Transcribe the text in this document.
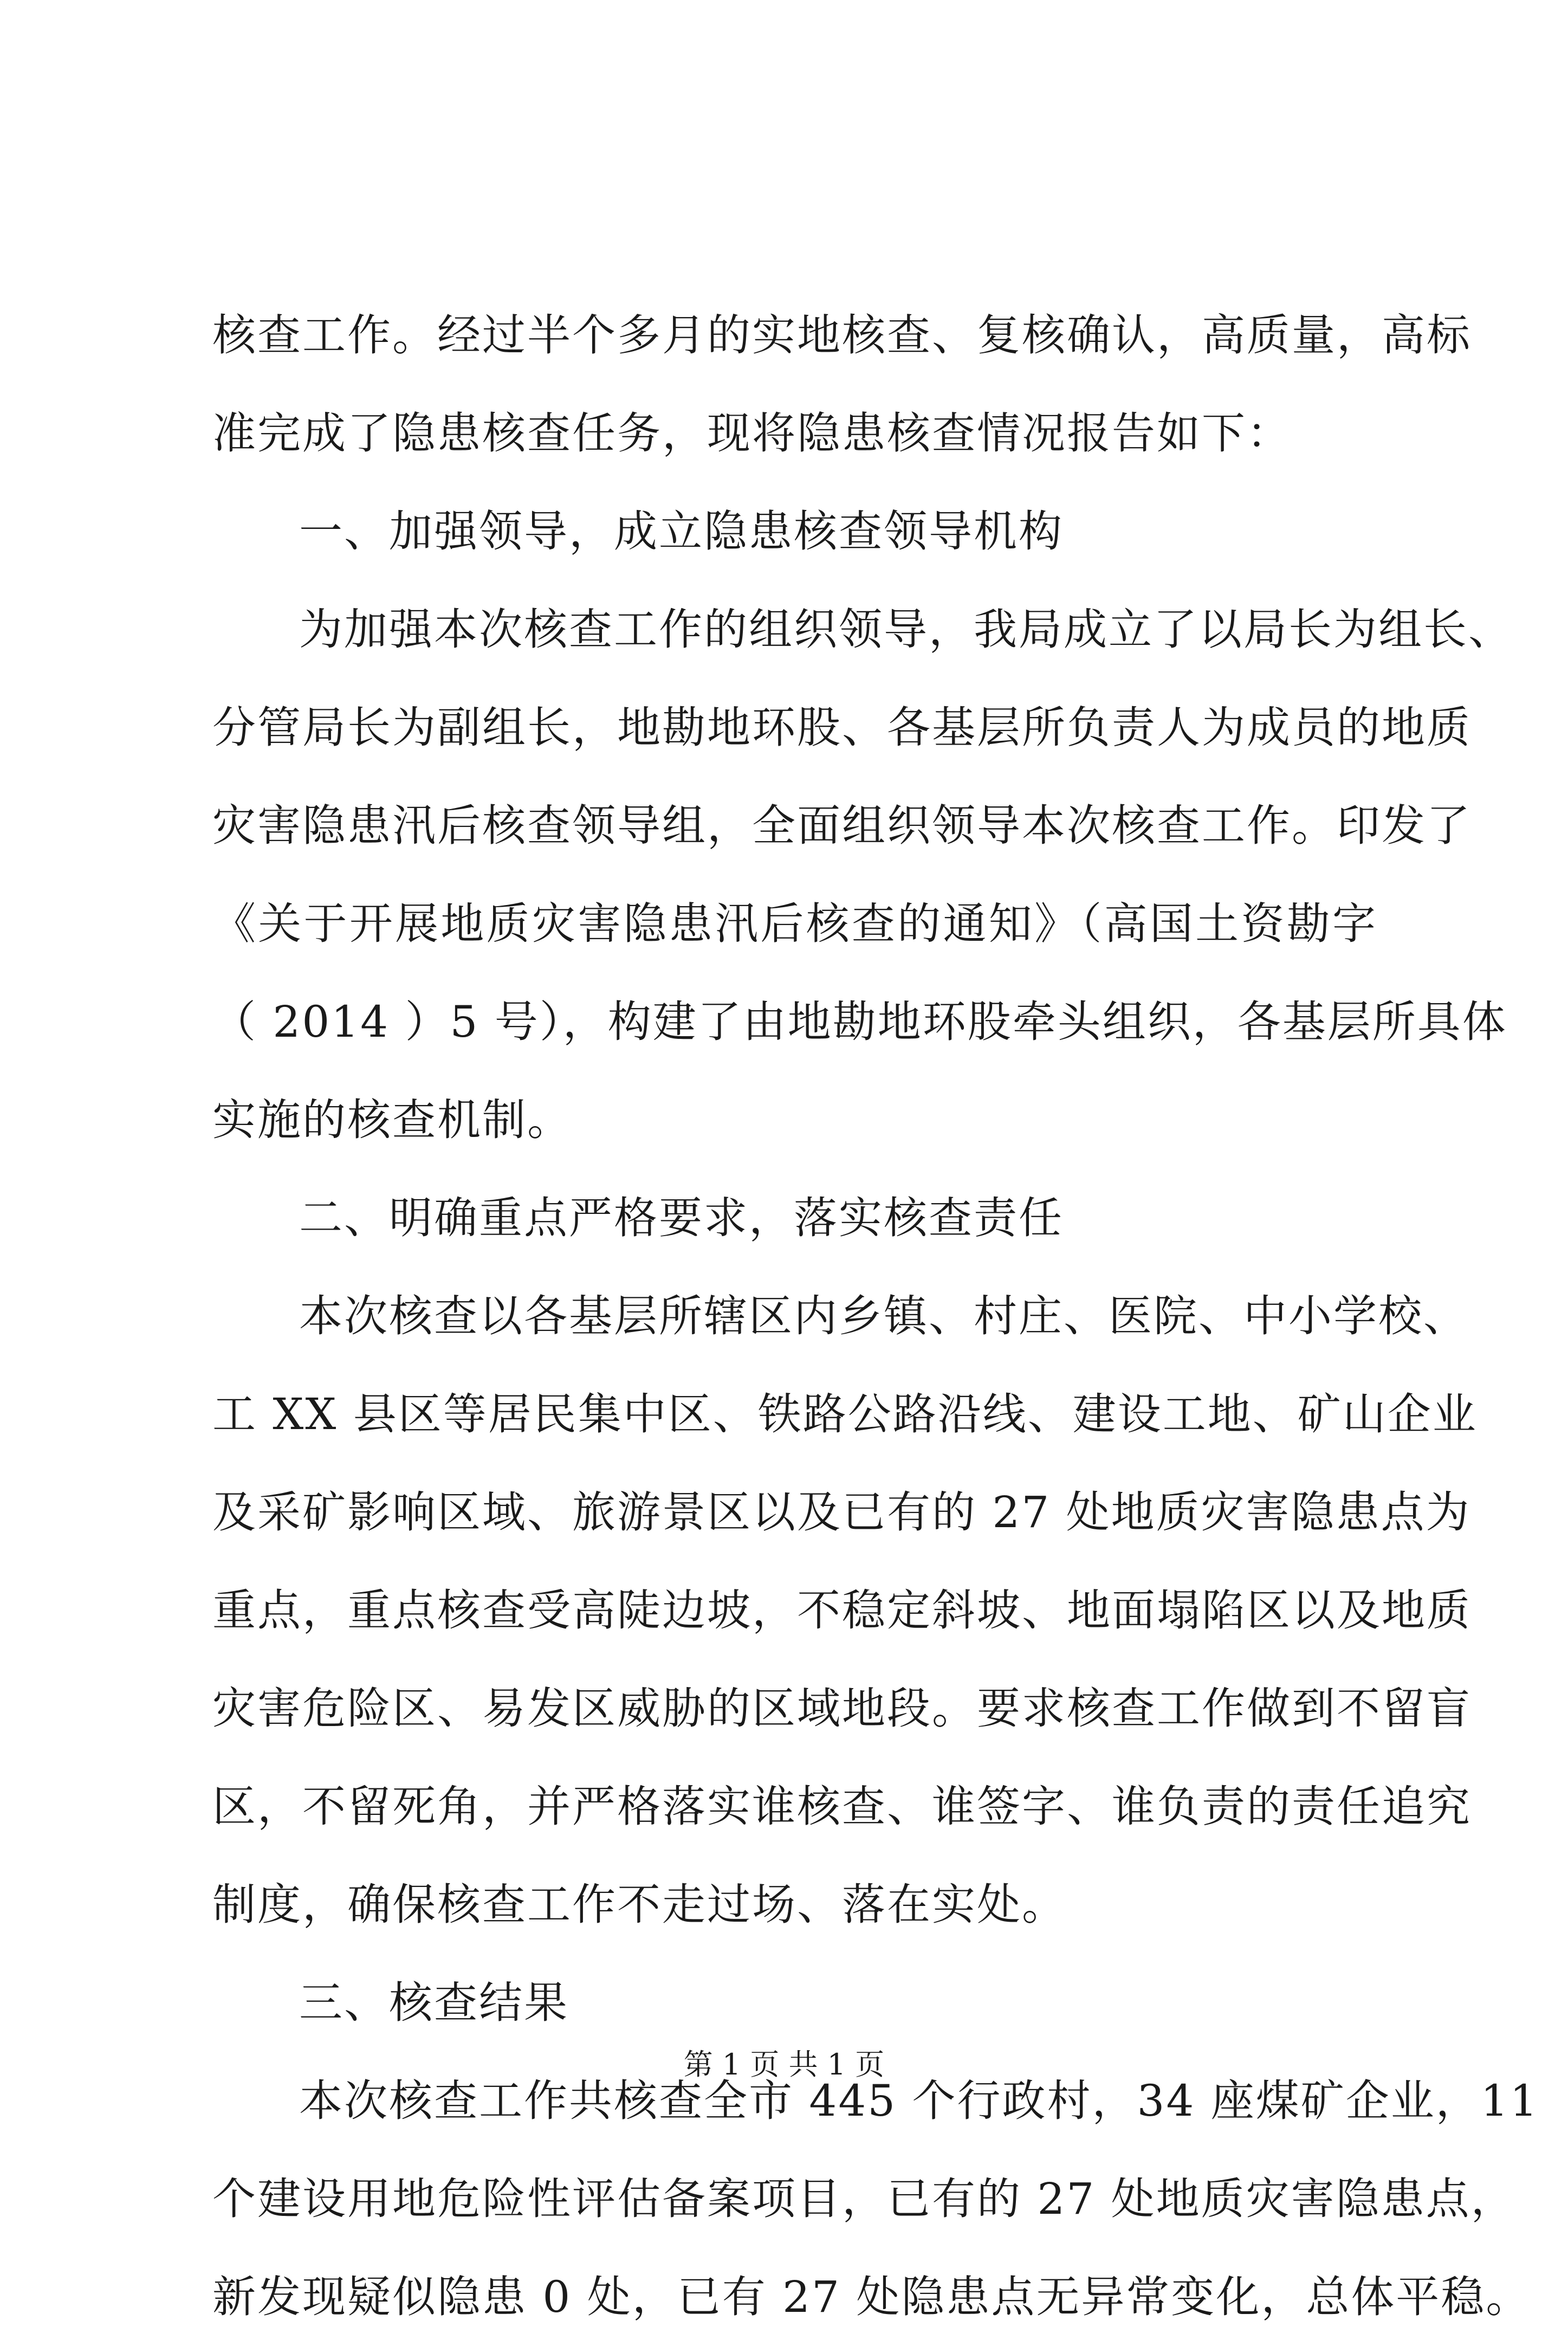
核查工作。经过半个多月的实地核查、复核确认，高质量，高标
准完成了隐患核查任务，现将隐患核查情况报告如下：
一、加强领导，成立隐患核查领导机构
为加强本次核查工作的组织领导，我局成立了以局长为组长、
分管局长为副组长，地勘地环股、各基层所负责人为成员的地质
灾害隐患汛后核查领导组，全面组织领导本次核查工作。印发了
《关于开展地质灾害隐患汛后核查的通知》（高国土资勘字
（ 2014 ）5 号），构建了由地勘地环股牵头组织，各基层所具体
实施的核查机制。
二、明确重点严格要求，落实核查责任
本次核查以各基层所辖区内乡镇、村庄、医院、中小学校、
工 XX 县区等居民集中区、铁路公路沿线、建设工地、矿山企业
及采矿影响区域、旅游景区以及已有的 27 处地质灾害隐患点为
重点，重点核查受高陡边坡，不稳定斜坡、地面塌陷区以及地质
灾害危险区、易发区威胁的区域地段。要求核查工作做到不留盲
区，不留死角，并严格落实谁核查、谁签字、谁负责的责任追究
制度，确保核查工作不走过场、落在实处。
三、核查结果
本次核查工作共核查全市 445 个行政村，34 座煤矿企业，11
个建设用地危险性评估备案项目，已有的 27 处地质灾害隐患点，
新发现疑似隐患 0 处，已有 27 处隐患点无异常变化，总体平稳。
第 1 页 共 1 页
